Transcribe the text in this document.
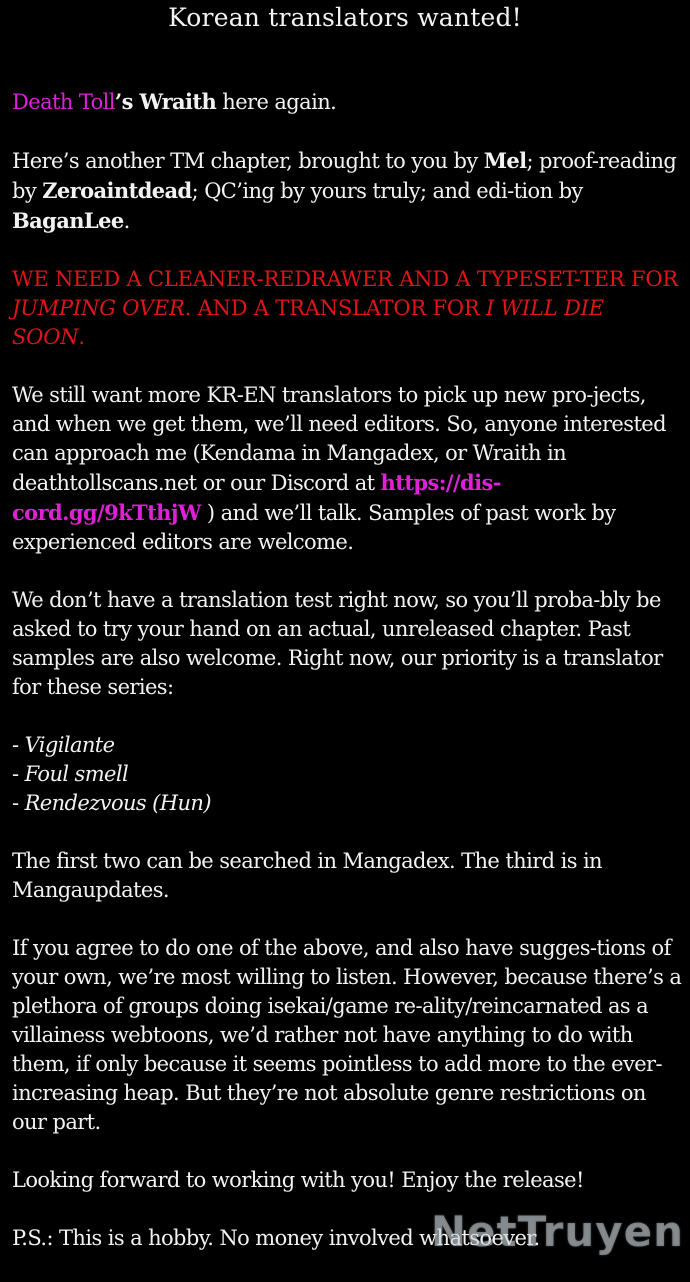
Korean translators wanted!

Death Toll’s Wraith here again.

Here’s another TM chapter, brought to you by Mel; proof-reading by Zeroaintdead; QC’ing by yours truly; and edi-tion by BaganLee.

WE NEED A CLEANER-REDRAWER AND A TYPESET-TER FOR JUMPING OVER. AND A TRANSLATOR FOR I WILL DIE SOON.

We still want more KR-EN translators to pick up new pro-jects, and when we get them, we’ll need editors. So, anyone interested can approach me (Kendama in Mangadex, or Wraith in deathtollscans.net or our Discord at https://dis-cord.gg/9kTthjW ) and we’ll talk. Samples of past work by experienced editors are welcome.

We don’t have a translation test right now, so you’ll proba-bly be asked to try your hand on an actual, unreleased chapter. Past samples are also welcome. Right now, our priority is a translator for these series:

- Vigilante

- Foul smell

- Rendezvous (Hun)

The first two can be searched in Mangadex. The third is in Mangaupdates.

If you agree to do one of the above, and also have sugges-tions of your own, we’re most willing to listen. However, because there’s a plethora of groups doing isekai/game re-ality/reincarnated as a villainess webtoons, we’d rather not have anything to do with them, if only because it seems pointless to add more to the ever-increasing heap. But they’re not absolute genre restrictions on our part.

Looking forward to working with you! Enjoy the release!

P.S.: This is a hobby. No money involved whatsoever.

NetTruyen
